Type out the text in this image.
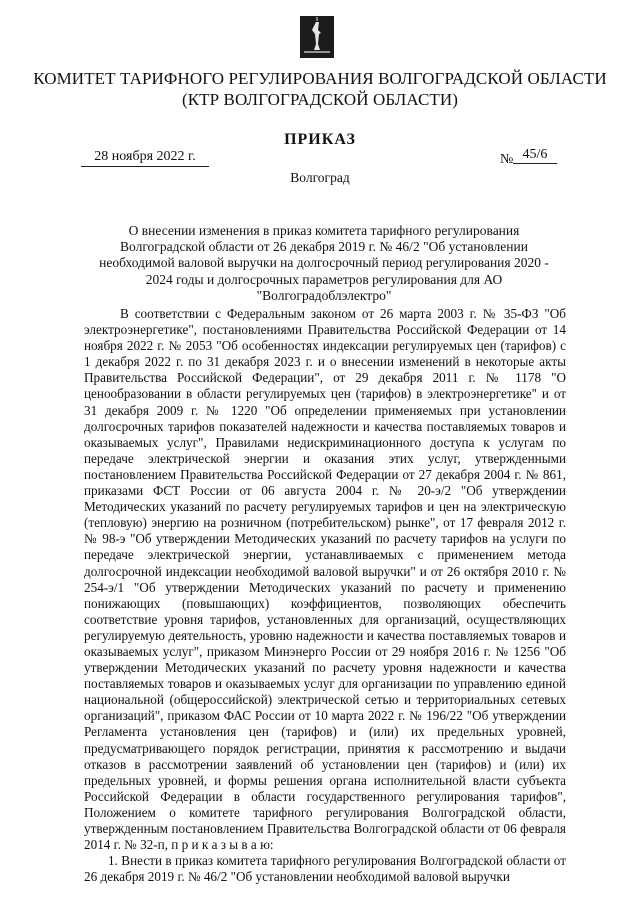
КОМИТЕТ ТАРИФНОГО РЕГУЛИРОВАНИЯ ВОЛГОГРАДСКОЙ ОБЛАСТИ
(КТР ВОЛГОГРАДСКОЙ ОБЛАСТИ)
ПРИКАЗ
28 ноября 2022 г.	№ 45/6
Волгоград
О внесении изменения в приказ комитета тарифного регулирования Волгоградской области от 26 декабря 2019 г. № 46/2 "Об установлении необходимой валовой выручки на долгосрочный период регулирования 2020 - 2024 годы и долгосрочных параметров регулирования для АО "Волгоградоблэлектро"

В соответствии с Федеральным законом от 26 марта 2003 г. № 35-ФЗ "Об электроэнергетике", постановлениями Правительства Российской Федерации от 14 ноября 2022 г. № 2053 "Об особенностях индексации регулируемых цен (тарифов) с 1 декабря 2022 г. по 31 декабря 2023 г. и о внесении изменений в некоторые акты Правительства Российской Федерации", от 29 декабря 2011 г. № 1178 "О ценообразовании в области регулируемых цен (тарифов) в электроэнергетике" и от 31 декабря 2009 г. № 1220 "Об определении применяемых при установлении долгосрочных тарифов показателей надежности и качества поставляемых товаров и оказываемых услуг", Правилами недискриминационного доступа к услугам по передаче электрической энергии и оказания этих услуг, утвержденными постановлением Правительства Российской Федерации от 27 декабря 2004 г. № 861, приказами ФСТ России от 06 августа 2004 г. № 20-э/2 "Об утверждении Методических указаний по расчету регулируемых тарифов и цен на электрическую (тепловую) энергию на розничном (потребительском) рынке", от 17 февраля 2012 г. № 98-э "Об утверждении Методических указаний по расчету тарифов на услуги по передаче электрической энергии, устанавливаемых с применением метода долгосрочной индексации необходимой валовой выручки" и от 26 октября 2010 г. № 254-э/1 "Об утверждении Методических указаний по расчету и применению понижающих (повышающих) коэффициентов, позволяющих обеспечить соответствие уровня тарифов, установленных для организаций, осуществляющих регулируемую деятельность, уровню надежности и качества поставляемых товаров и оказываемых услуг", приказом Минэнерго России от 29 ноября 2016 г. № 1256 "Об утверждении Методических указаний по расчету уровня надежности и качества поставляемых товаров и оказываемых услуг для организации по управлению единой национальной (общероссийской) электрической сетью и территориальных сетевых организаций", приказом ФАС России от 10 марта 2022 г. № 196/22 "Об утверждении Регламента установления цен (тарифов) и (или) их предельных уровней, предусматривающего порядок регистрации, принятия к рассмотрению и выдачи отказов в рассмотрении заявлений об установлении цен (тарифов) и (или) их предельных уровней, и формы решения органа исполнительной власти субъекта Российской Федерации в области государственного регулирования тарифов", Положением о комитете тарифного регулирования Волгоградской области, утвержденным постановлением Правительства Волгоградской области от 06 февраля 2014 г. № 32-п, п р и к а з ы в а ю:

1. Внести в приказ комитета тарифного регулирования Волгоградской области от 26 декабря 2019 г. № 46/2 "Об установлении необходимой валовой выручки
